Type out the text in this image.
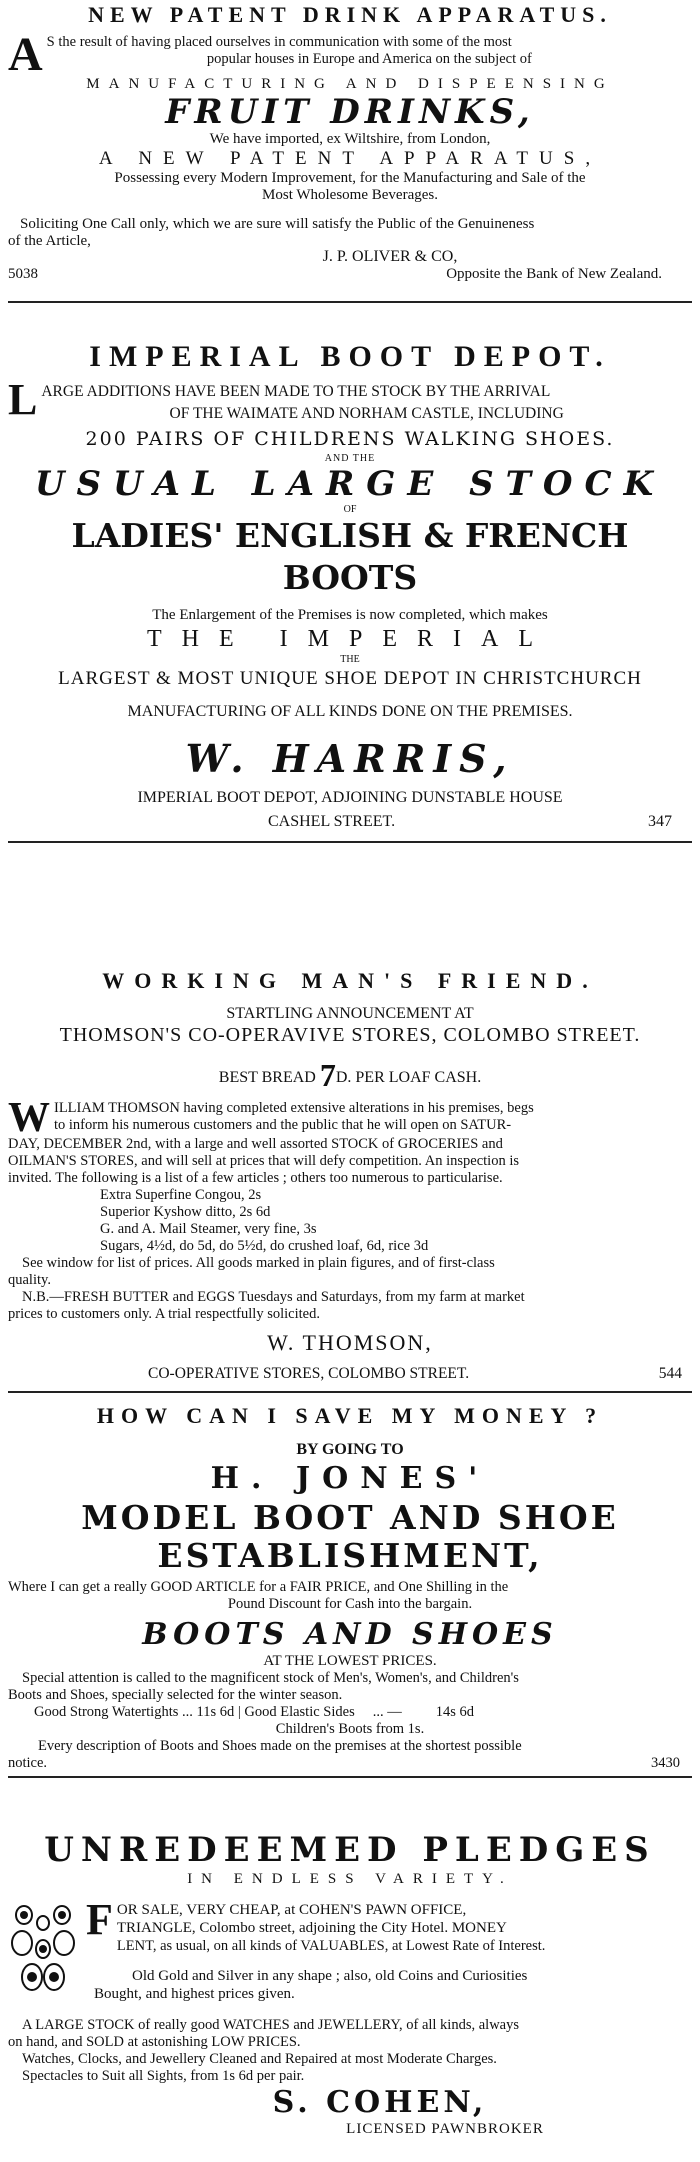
NEW PATENT DRINK APPARATUS.
A S the result of having placed ourselves in communication with some of the most
popular houses in Europe and America on the subject of
MANUFACTURING AND DISPEENSING
FRUIT DRINKS,
We have imported, ex Wiltshire, from London,
A NEW PATENT APPARATUS,
Possessing every Modern Improvement, for the Manufacturing and Sale of the
Most Wholesome Beverages.
Soliciting One Call only, which we are sure will satisfy the Public of the Genuineness
of the Article,
J. P. OLIVER & CO,
5038	Opposite the Bank of New Zealand.
IMPERIAL BOOT DEPOT.
L ARGE ADDITIONS HAVE BEEN MADE TO THE STOCK BY THE ARRIVAL
OF THE WAIMATE AND NORHAM CASTLE, INCLUDING
200 PAIRS OF CHILDRENS WALKING SHOES.
AND THE
USUAL LARGE STOCK
OF
LADIES' ENGLISH & FRENCH BOOTS
The Enlargement of the Premises is now completed, which makes
THE IMPERIAL
THE
LARGEST & MOST UNIQUE SHOE DEPOT IN CHRISTCHURCH
MANUFACTURING OF ALL KINDS DONE ON THE PREMISES.
W. HARRIS,
IMPERIAL BOOT DEPOT, ADJOINING DUNSTABLE HOUSE
CASHEL STREET.	347
WORKING MAN'S FRIEND.
STARTLING ANNOUNCEMENT AT
THOMSON'S CO-OPERAVIVE STORES, COLOMBO STREET.
BEST BREAD 7D. PER LOAF CASH.
W ILLIAM THOMSON having completed extensive alterations in his premises, begs
to inform his numerous customers and the public that he will open on SATUR-
DAY, DECEMBER 2nd, with a large and well assorted STOCK of GROCERIES and
OILMAN'S STORES, and will sell at prices that will defy competition. An inspection is
invited. The following is a list of a few articles ; others too numerous to particularise.
Extra Superfine Congou, 2s
Superior Kyshow ditto, 2s 6d
G. and A. Mail Steamer, very fine, 3s
Sugars, 4½d, do 5d, do 5½d, do crushed loaf, 6d, rice 3d
See window for list of prices. All goods marked in plain figures, and of first-class
quality.
N.B.—FRESH BUTTER and EGGS Tuesdays and Saturdays, from my farm at market
prices to customers only. A trial respectfully solicited.
W. THOMSON,
CO-OPERATIVE STORES, COLOMBO STREET.	544
HOW CAN I SAVE MY MONEY ?
BY GOING TO
H. JONES'
MODEL BOOT AND SHOE
ESTABLISHMENT,
Where I can get a really GOOD ARTICLE for a FAIR PRICE, and One Shilling in the
Pound Discount for Cash into the bargain.
BOOTS AND SHOES
AT THE LOWEST PRICES.
Special attention is called to the magnificent stock of Men's, Women's, and Children's
Boots and Shoes, specially selected for the winter season.
Good Strong Watertights ... 11s 6d | Good Elastic Sides	... —	14s 6d
Children's Boots from 1s.
Every description of Boots and Shoes made on the premises at the shortest possible
notice.	3430
UNREDEEMED PLEDGES
IN ENDLESS VARIETY.
F OR SALE, VERY CHEAP, at COHEN'S PAWN OFFICE,
TRIANGLE, Colombo street, adjoining the City Hotel. MONEY
LENT, as usual, on all kinds of VALUABLES, at Lowest Rate of Interest.
Old Gold and Silver in any shape ; also, old Coins and Curiosities
Bought, and highest prices given.
A LARGE STOCK of really good WATCHES and JEWELLERY, of all kinds, always
on hand, and SOLD at astonishing LOW PRICES.
Watches, Clocks, and Jewellery Cleaned and Repaired at most Moderate Charges.
Spectacles to Suit all Sights, from 1s 6d per pair.
S. COHEN,
LICENSED PAWNBROKER
